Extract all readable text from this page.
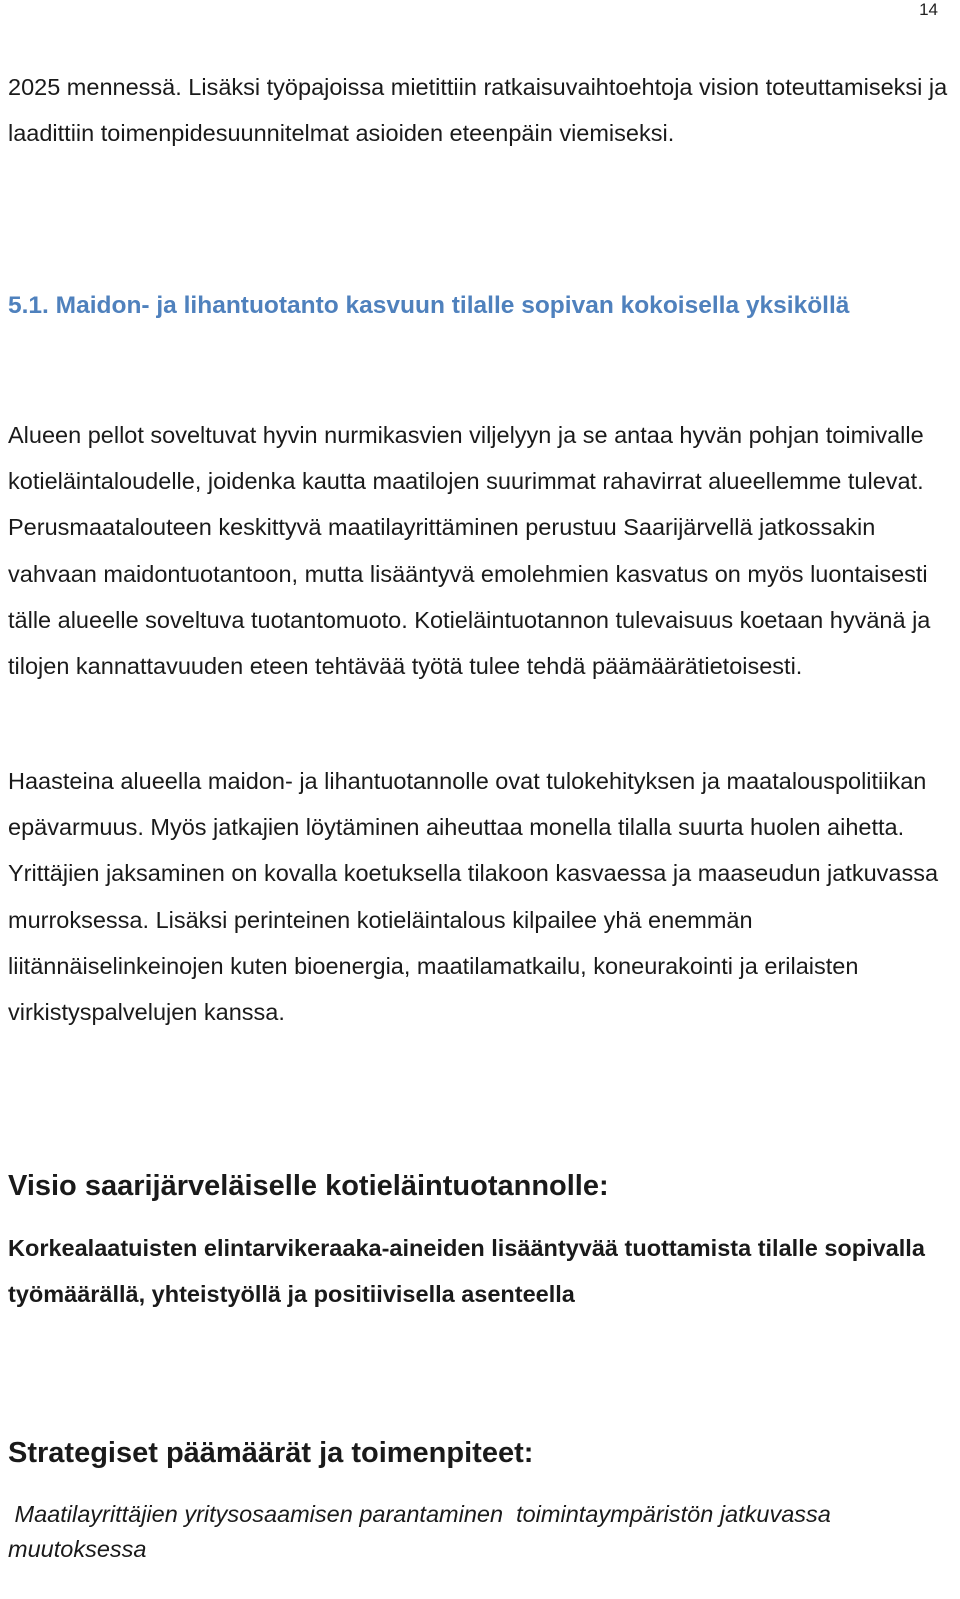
14

2025 mennessä. Lisäksi työpajoissa mietittiin ratkaisuvaihtoehtoja vision toteuttamiseksi ja laadittiin toimenpidesuunnitelmat asioiden eteenpäin viemiseksi.

5.1. Maidon- ja lihantuotanto kasvuun tilalle sopivan kokoisella yksiköllä

Alueen pellot soveltuvat hyvin nurmikasvien viljelyyn ja se antaa hyvän pohjan toimivalle kotieläintaloudelle, joidenka kautta maatilojen suurimmat rahavirrat alueellemme tulevat. Perusmaatalouteen keskittyvä maatilayrittäminen perustuu Saarijärvellä jatkossakin vahvaan maidontuotantoon, mutta lisääntyvä emolehmien kasvatus on myös luontaisesti tälle alueelle soveltuva tuotantomuoto. Kotieläintuotannon tulevaisuus koetaan hyvänä ja tilojen kannattavuuden eteen tehtävää työtä tulee tehdä päämäärätietoisesti.

Haasteina alueella maidon- ja lihantuotannolle ovat tulokehityksen ja maatalouspolitiikan epävarmuus. Myös jatkajien löytäminen aiheuttaa monella tilalla suurta huolen aihetta. Yrittäjien jaksaminen on kovalla koetuksella tilakoon kasvaessa ja maaseudun jatkuvassa murroksessa. Lisäksi perinteinen kotieläintalous kilpailee yhä enemmän liitännäiselinkeinojen kuten bioenergia, maatilamatkailu, koneurakointi ja erilaisten virkistyspalvelujen kanssa.

Visio saarijärveläiselle kotieläintuotannolle:

Korkealaatuisten elintarvikeraaka-aineiden lisääntyvää tuottamista tilalle sopivalla työmäärällä, yhteistyöllä ja positiivisella asenteella

Strategiset päämäärät ja toimenpiteet:

Maatilayrittäjien yritysosaamisen parantaminen  toimintaympäristön jatkuvassa muutoksessa
